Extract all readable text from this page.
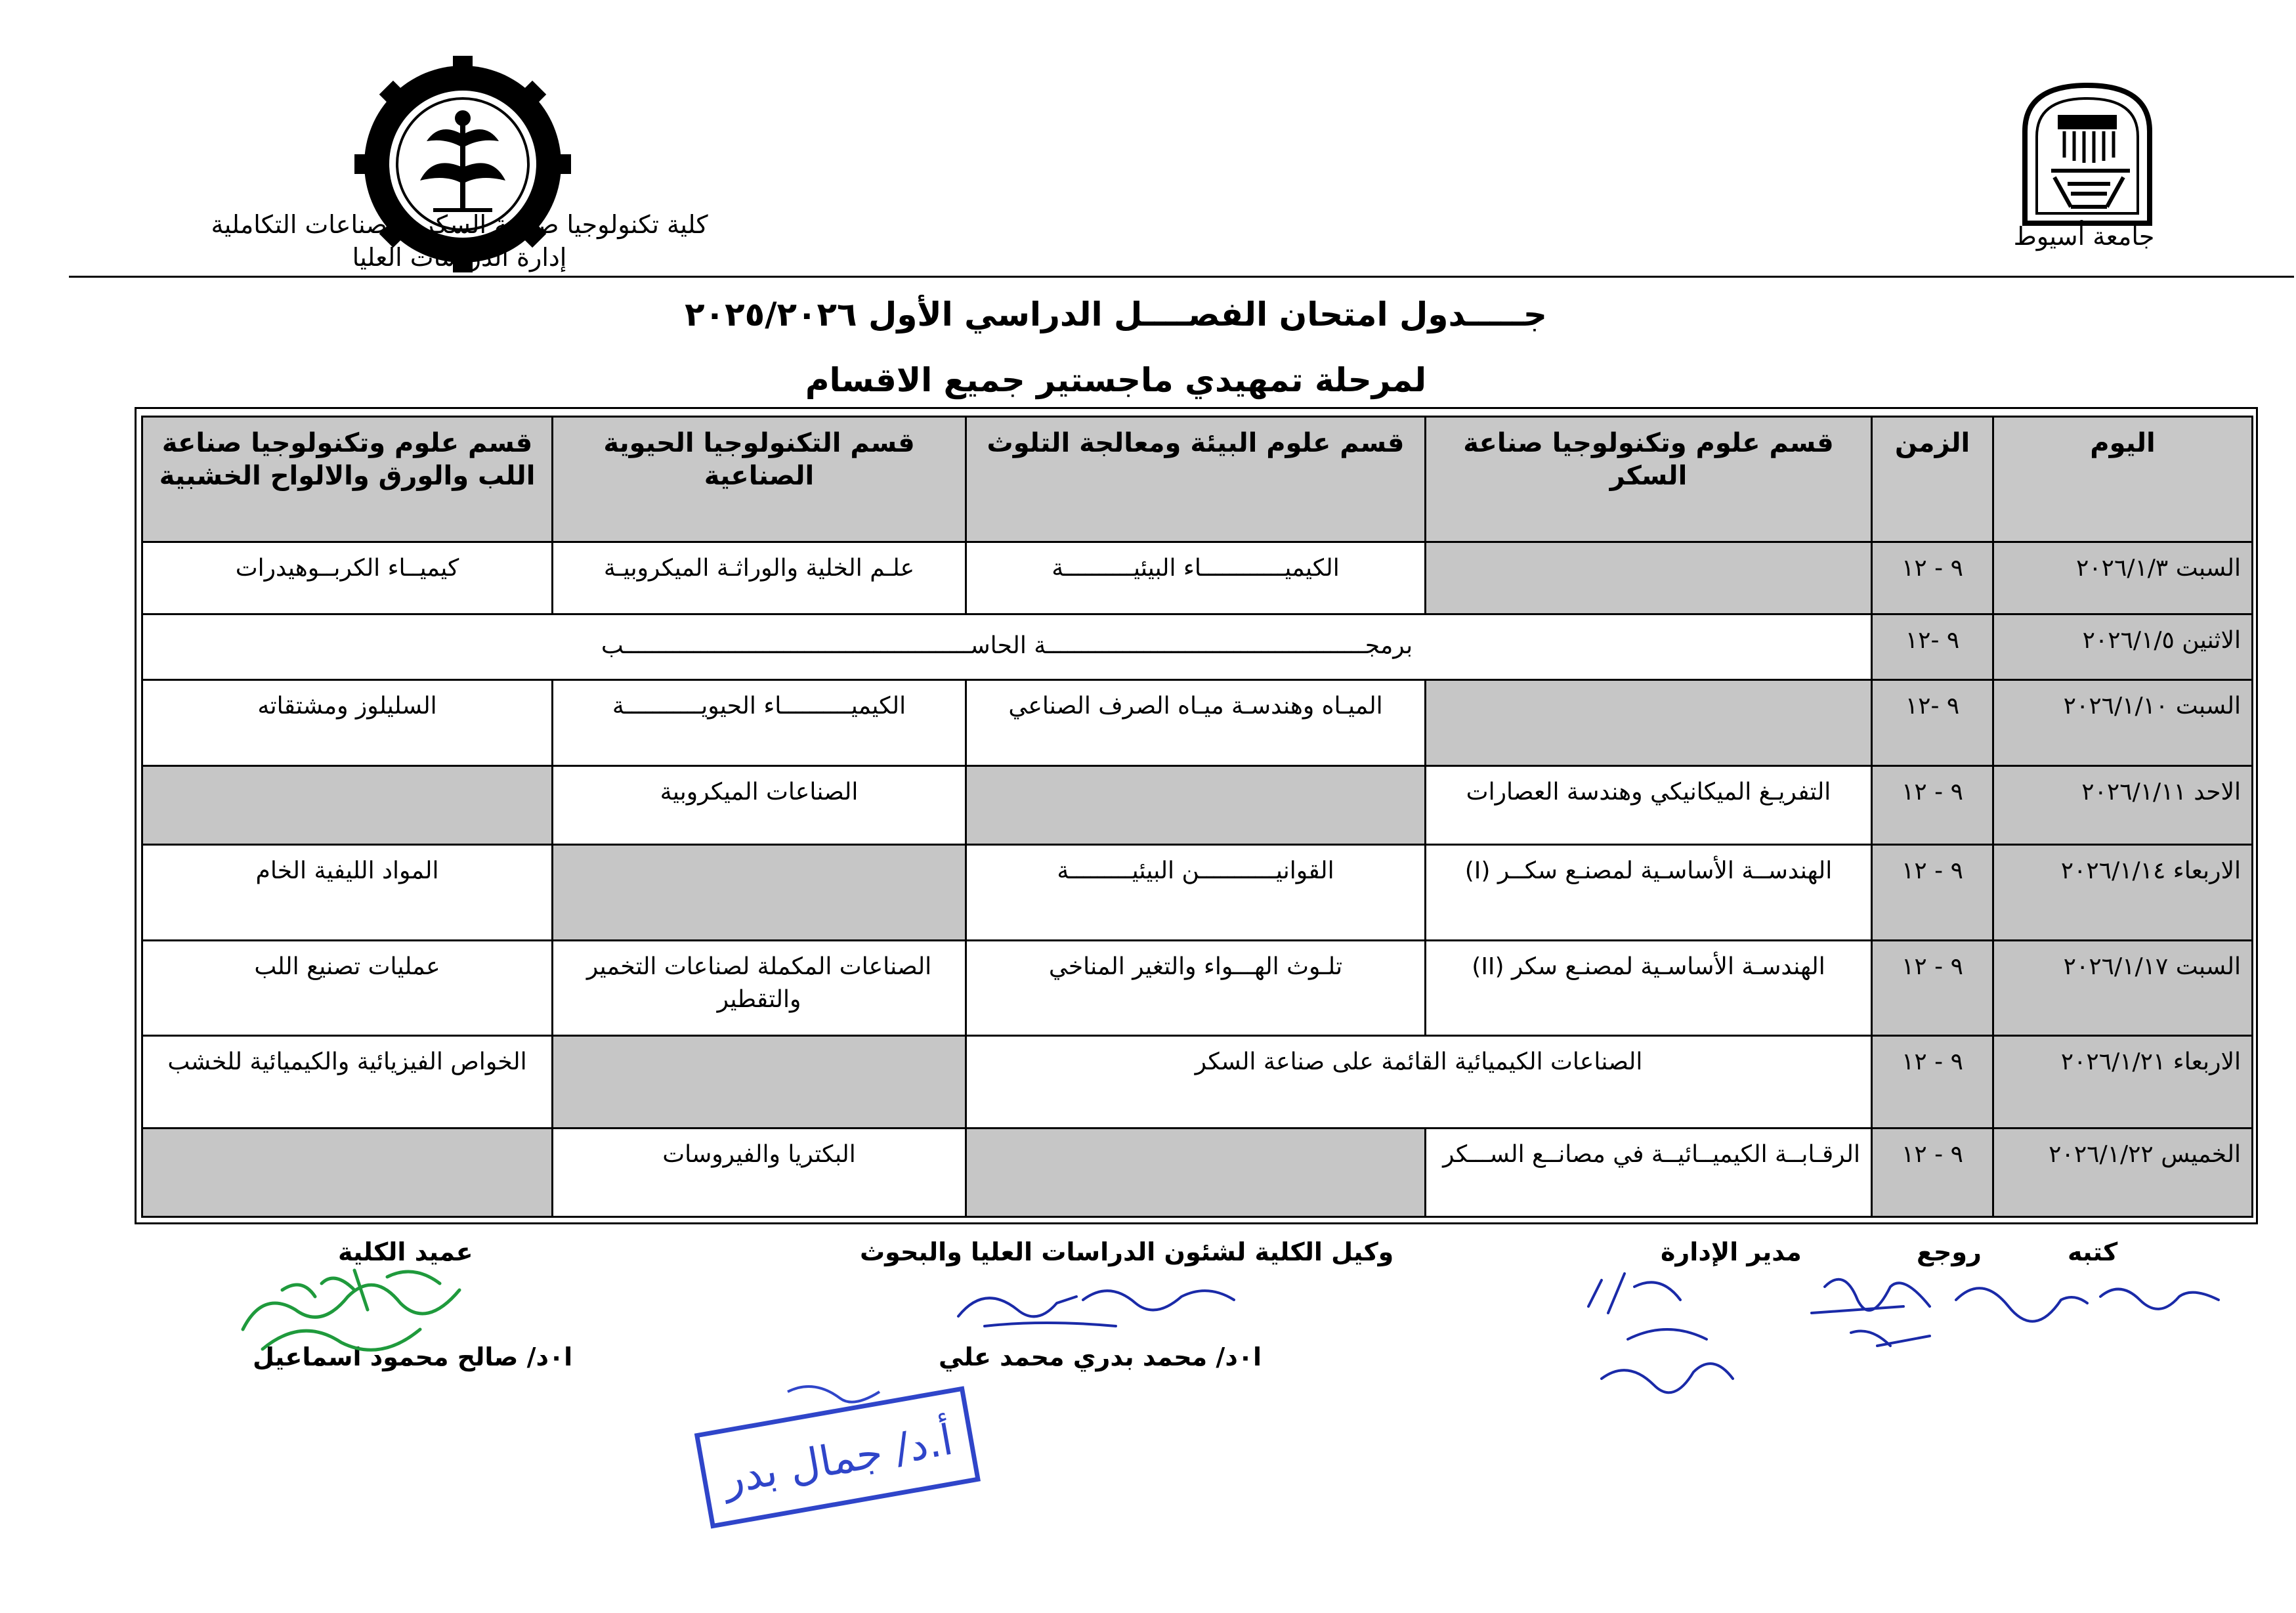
كلية تكنولوجيا صناعة السكر والصناعات التكاملية
إدارة الدراسات العليا
جامعة أسيوط
جـــــدول امتحان الفصــــل الدراسي الأول ٢٠٢٥/٢٠٢٦
لمرحلة تمهيدي ماجستير جميع الاقسام
اليوم	الزمن	قسم علوم وتكنولوجيا صناعة السكر	قسم علوم البيئة ومعالجة التلوث	قسم التكنولوجيا الحيوية الصناعية	قسم علوم وتكنولوجيا صناعة اللب والورق والالواح الخشبية
السبت ٢٠٢٦/١/٣	٩ - ١٢		الكيميــــــــــــاء البيئيــــــــــة	علـم الخلية والوراثـة الميكروبيـة	كيميــاء الكربــوهيدرات
الاثنين ٢٠٢٦/١/٥	٩ -١٢	برمجــــــــــــــــــــــــــــــــــــــــــــــة الحاســــــــــــــــــــــــــــــــــــــــــــــــــب			
السبت ٢٠٢٦/١/١٠	٩ -١٢		الميـاه وهندسـة ميـاه الصرف الصناعي	الكيميــــــــــاء الحيويـــــــــــة	السليلوز ومشتقاته
الاحد ٢٠٢٦/١/١١	٩ - ١٢	التفريـغ الميكانيكي وهندسة العصارات		الصناعات الميكروبية	
الاربعاء ٢٠٢٦/١/١٤	٩ - ١٢	الهندســة الأساسـية لمصنـع سكــر (I)	القوانيـــــــــــن البيئيـــــــــة		المواد الليفية الخام
السبت ٢٠٢٦/١/١٧	٩ - ١٢	الهندسـة الأساسـية لمصنـع سكر (II)	تلـوث الهـــواء والتغير المناخي	الصناعات المكملة لصناعات التخمير والتقطير	عمليات تصنيع اللب
الاربعاء ٢٠٢٦/١/٢١	٩ - ١٢	الصناعات الكيميائية القائمة على صناعة السكر			الخواص الفيزيائية والكيميائية للخشب
الخميس ٢٠٢٦/١/٢٢	٩ - ١٢	الرقـابــة الكيميــائيــة في مصانــع الســـكر		البكتريا والفيروسات	
كتبه
روجع
مدير الإدارة
وكيل الكلية لشئون الدراسات العليا والبحوث
ا٠د/ محمد بدري محمد علي
عميد الكلية
ا٠د/ صالح محمود اسماعيل
أ.د/ جمال بدر
